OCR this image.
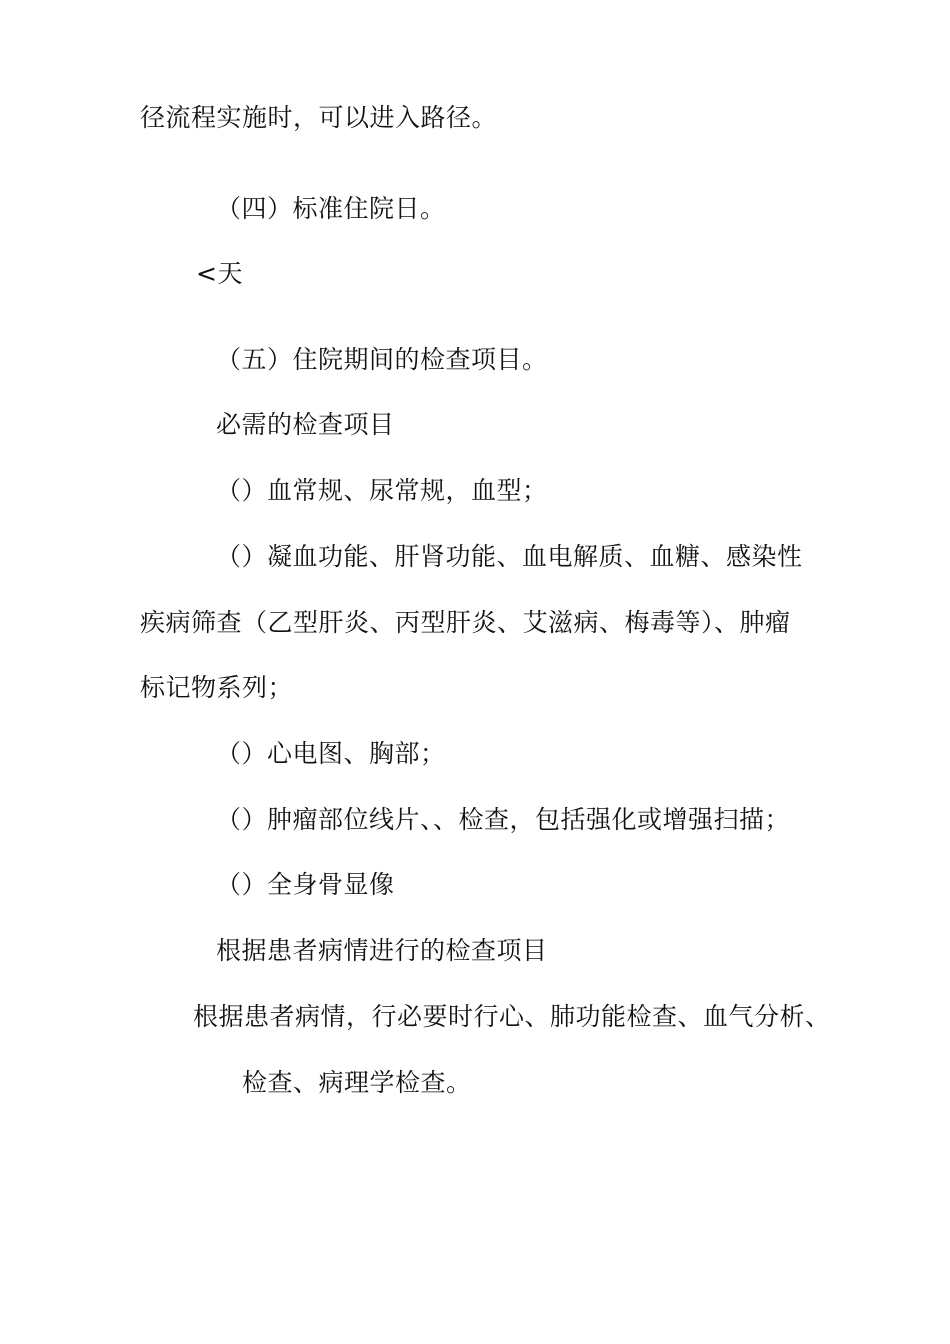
径流程实施时，可以进入路径。
（四）标准住院日。
<天
（五）住院期间的检查项目。
必需的检查项目
（）血常规、尿常规，血型；
（）凝血功能、肝肾功能、血电解质、血糖、感染性
疾病筛查（乙型肝炎、丙型肝炎、艾滋病、梅毒等）、肿瘤
标记物系列；
（）心电图、胸部；
（）肿瘤部位线片、、检查，包括强化或增强扫描；
（）全身骨显像
根据患者病情进行的检查项目
根据患者病情，行必要时行心、肺功能检查、血气分析、
检查、病理学检查。
